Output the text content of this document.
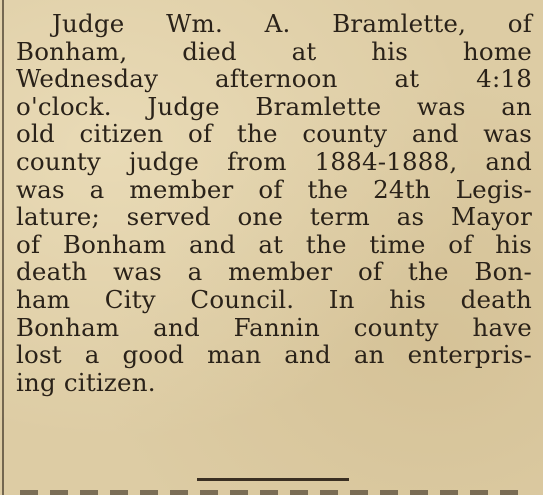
Judge Wm. A. Bramlette, of
Bonham, died at his home
Wednesday afternoon at 4:18
o'clock. Judge Bramlette was an
old citizen of the county and was
county judge from 1884-1888, and
was a member of the 24th Legis-
lature; served one term as Mayor
of Bonham and at the time of his
death was a member of the Bon-
ham City Council. In his death
Bonham and Fannin county have
lost a good man and an enterpris-
ing citizen.
